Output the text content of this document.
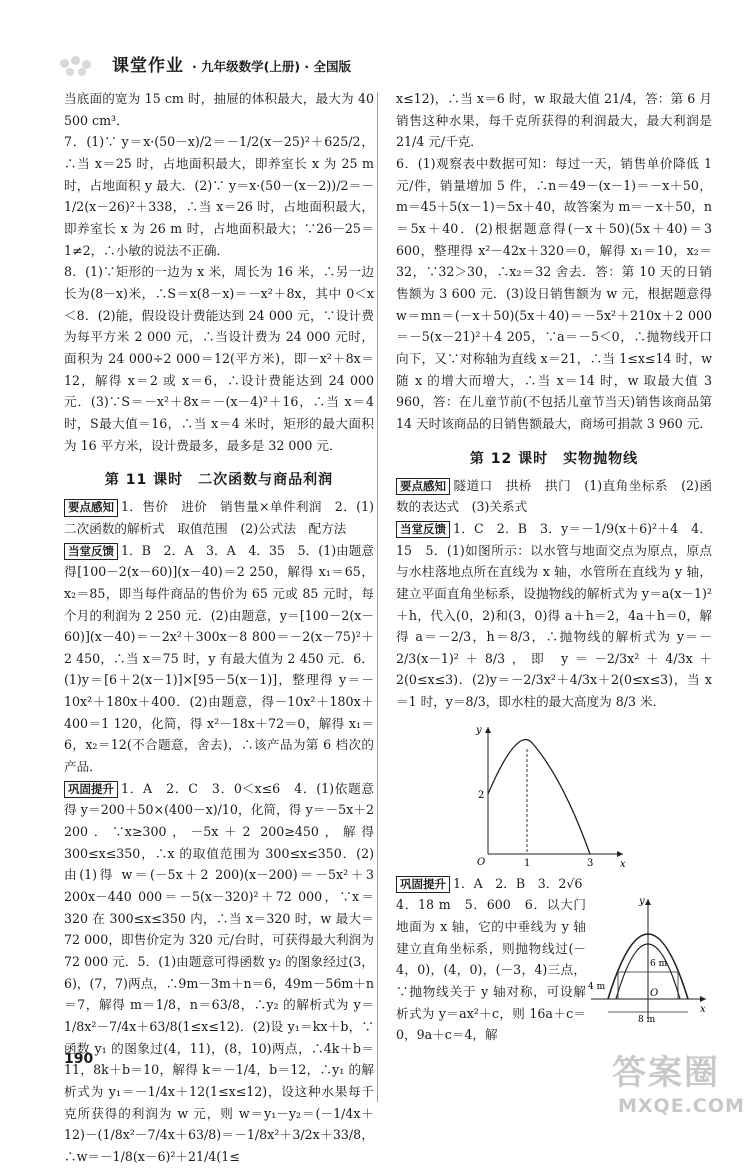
课堂作业 · 九年级数学(上册) · 全国版

当底面的宽为 15 cm 时，抽屉的体积最大，最大为 40 500 cm³．

7．(1)∵ y＝x·(50－x)/2＝－1/2(x－25)²＋625/2，∴当 x＝25 时，占地面积最大，即养室长 x 为 25 m 时，占地面积 y 最大．(2)∵ y＝x·(50－(x－2))/2＝－1/2(x－26)²＋338，∴当 x＝26 时，占地面积最大，即养室长 x 为 26 m 时，占地面积最大；∵26－25＝1≠2，∴小敏的说法不正确．

8．(1)∵矩形的一边为 x 米，周长为 16 米，∴另一边长为(8－x)米，∴S＝x(8－x)＝－x²＋8x，其中 0＜x＜8．(2)能，假设设计费能达到 24 000 元，∵设计费为每平方米 2 000 元，∴当设计费为 24 000 元时，面积为 24 000÷2 000＝12(平方米)，即－x²＋8x＝12，解得 x＝2 或 x＝6，∴设计费能达到 24 000 元．(3)∵S＝－x²＋8x＝－(x－4)²＋16，∴当 x＝4 时，S最大值＝16，∴当 x＝4 米时，矩形的最大面积为 16 平方米，设计费最多，最多是 32 000 元．

第 11 课时　二次函数与商品利润

要点感知 1．售价　进价　销售量×单件利润　2．(1)二次函数的解析式　取值范围　(2)公式法　配方法

当堂反馈 1．B　2．A　3．A　4．35　5．(1)由题意得[100－2(x－60)](x－40)＝2 250，解得 x₁＝65，x₂＝85，即当每件商品的售价为 65 元或 85 元时，每个月的利润为 2 250 元．(2)由题意，y＝[100－2(x－60)](x－40)＝－2x²＋300x－8 800＝－2(x－75)²＋2 450，∴当 x＝75 时，y 有最大值为 2 450 元．6．(1)y＝[6＋2(x－1)]×[95－5(x－1)]，整理得 y＝－10x²＋180x＋400．(2)由题意，得－10x²＋180x＋400＝1 120，化简，得 x²－18x＋72＝0，解得 x₁＝6，x₂＝12(不合题意，舍去)，∴该产品为第 6 档次的产品．

巩固提升 1．A　2．C　3．0＜x≤6　4．(1)依题意得 y＝200＋50×(400－x)/10，化简，得 y＝－5x＋2 200．∵x≥300，－5x＋2 200≥450，解得 300≤x≤350，∴x 的取值范围为 300≤x≤350．(2)由(1)得 w＝(－5x＋2 200)(x－200)＝－5x²＋3 200x－440 000＝－5(x－320)²＋72 000，∵x＝320 在 300≤x≤350 内，∴当 x＝320 时，w 最大＝72 000，即售价定为 320 元/台时，可获得最大利润为 72 000 元．5．(1)由题意可得函数 y₂ 的图象经过(3，6)，(7，7)两点，∴9m－3m＋n＝6，49m－56m＋n＝7，解得 m＝1/8，n＝63/8，∴y₂ 的解析式为 y＝1/8x²－7/4x＋63/8(1≤x≤12)．(2)设 y₁＝kx＋b，∵函数 y₁ 的图象过(4，11)，(8，10)两点，∴4k＋b＝11，8k＋b＝10，解得 k＝－1/4，b＝12，∴y₁ 的解析式为 y₁＝－1/4x＋12(1≤x≤12)，设这种水果每千克所获得的利润为 w 元，则 w＝y₁－y₂＝(－1/4x＋12)－(1/8x²－7/4x＋63/8)＝－1/8x²＋3/2x＋33/8，∴w＝－1/8(x－6)²＋21/4(1≤

x≤12)，∴当 x＝6 时，w 取最大值 21/4，答：第 6 月销售这种水果，每千克所获得的利润最大，最大利润是 21/4 元/千克．

6．(1)观察表中数据可知：每过一天，销售单价降低 1 元/件，销量增加 5 件，∴n＝49－(x－1)＝－x＋50，m＝45＋5(x－1)＝5x＋40，故答案为 m＝－x＋50，n＝5x＋40．(2)根据题意得(－x＋50)(5x＋40)＝3 600，整理得 x²－42x＋320＝0，解得 x₁＝10，x₂＝32，∵32＞30，∴x₂＝32 舍去．答：第 10 天的日销售额为 3 600 元．(3)设日销售额为 w 元，根据题意得 w＝mn＝(－x＋50)(5x＋40)＝－5x²＋210x＋2 000＝－5(x－21)²＋4 205，∵a＝－5＜0，∴抛物线开口向下，又∵对称轴为直线 x＝21，∴当 1≤x≤14 时，w 随 x 的增大而增大，∴当 x＝14 时，w 取最大值 3 960，答：在儿童节前(不包括儿童节当天)销售该商品第 14 天时该商品的日销售额最大，商场可捐款 3 960 元．

第 12 课时　实物抛物线

要点感知 隧道口　拱桥　拱门　(1)直角坐标系　(2)函数的表达式　(3)关系式

当堂反馈 1．C　2．B　3．y＝－1/9(x＋6)²＋4　4．15　5．(1)如图所示：以水管与地面交点为原点，原点与水柱落地点所在直线为 x 轴，水管所在直线为 y 轴，建立平面直角坐标系，设抛物线的解析式为 y＝a(x－1)²＋h，代入(0，2)和(3，0)得 a＋h＝2，4a＋h＝0，解得 a＝－2/3，h＝8/3，∴抛物线的解析式为 y＝－2/3(x－1)²＋8/3，即 y＝－2/3x²＋4/3x＋2(0≤x≤3)．(2)y＝－2/3x²＋4/3x＋2(0≤x≤3)，当 x＝1 时，y＝8/3，即水柱的最大高度为 8/3 米．

y
x
O
2
1	3

巩固提升 1．A　2．B　3．2√6

4．18 m　5．600　6．以大门地面为 x 轴，它的中垂线为 y 轴建立直角坐标系，则抛物线过(－4，0)，(4，0)，(－3，4)三点，∵抛物线关于 y 轴对称，可设解析式为 y＝ax²＋c，则 16a＋c＝0，9a＋c＝4，解

y
x
O
6 m
4 m
8 m
190	答案圈
MXQE.COM
